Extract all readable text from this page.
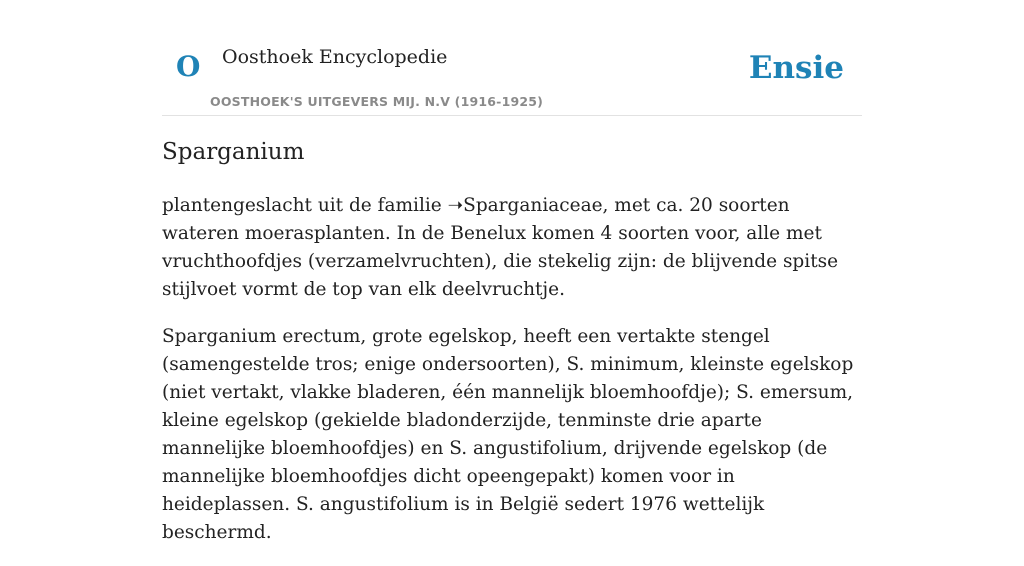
O Oosthoek Encyclopedie
OOSTHOEK'S UITGEVERS MIJ. N.V (1916-1925)
Ensie
Sparganium

plantengeslacht uit de familie ➝Sparganiaceae, met ca. 20 soorten wateren moerasplanten. In de Benelux komen 4 soorten voor, alle met vruchthoofdjes (verzamelvruchten), die stekelig zijn: de blijvende spitse stijlvoet vormt de top van elk deelvruchtje.

Sparganium erectum, grote egelskop, heeft een vertakte stengel (samengestelde tros; enige ondersoorten), S. minimum, kleinste egelskop (niet vertakt, vlakke bladeren, één mannelijk bloemhoofdje); S. emersum, kleine egelskop (gekielde bladonderzijde, tenminste drie aparte mannelijke bloemhoofdjes) en S. angustifolium, drijvende egelskop (de mannelijke bloemhoofdjes dicht opeengepakt) komen voor in heideplassen. S. angustifolium is in België sedert 1976 wettelijk beschermd.
